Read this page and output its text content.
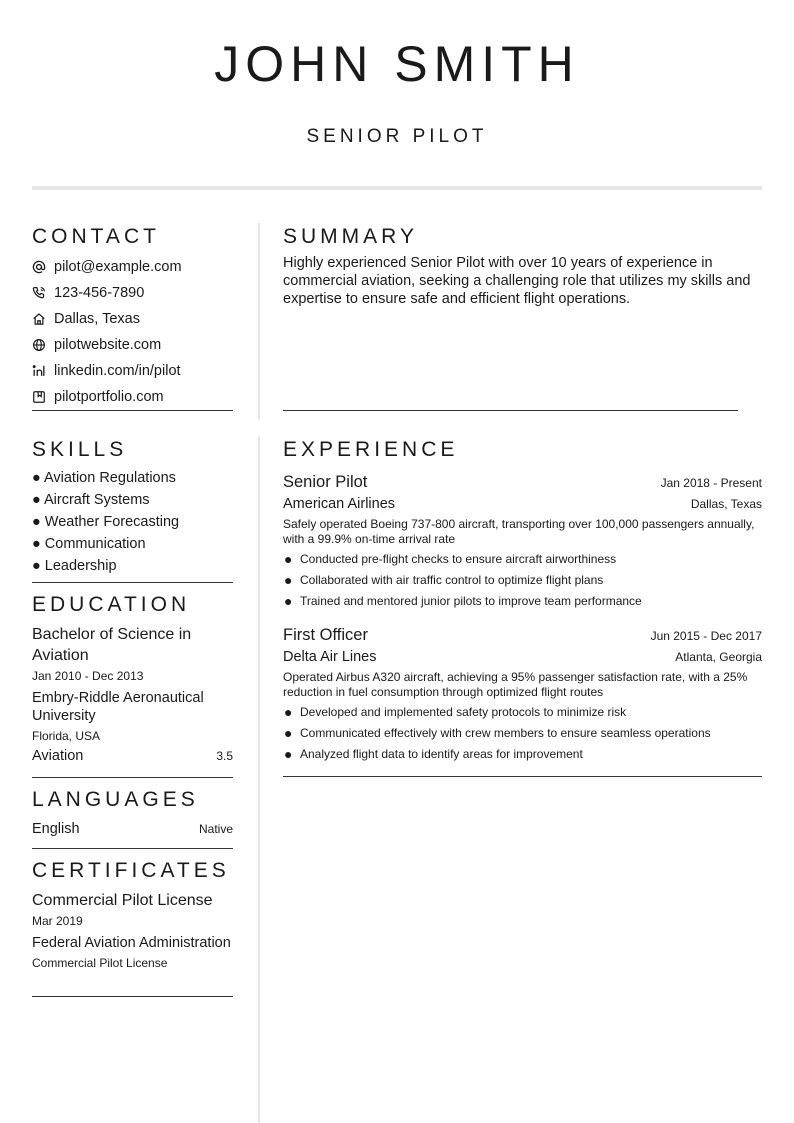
JOHN SMITH
SENIOR PILOT
CONTACT
pilot@example.com
123-456-7890
Dallas, Texas
pilotwebsite.com
linkedin.com/in/pilot
pilotportfolio.com
SUMMARY
Highly experienced Senior Pilot with over 10 years of experience in commercial aviation, seeking a challenging role that utilizes my skills and expertise to ensure safe and efficient flight operations.
SKILLS
● Aviation Regulations
● Aircraft Systems
● Weather Forecasting
● Communication
● Leadership
EDUCATION
Bachelor of Science in Aviation
Jan 2010 - Dec 2013
Embry-Riddle Aeronautical University
Florida, USA
Aviation	3.5
LANGUAGES
English	Native
CERTIFICATES
Commercial Pilot License
Mar 2019
Federal Aviation Administration
Commercial Pilot License
EXPERIENCE
Senior Pilot	Jan 2018 - Present
American Airlines	Dallas, Texas
Safely operated Boeing 737-800 aircraft, transporting over 100,000 passengers annually, with a 99.9% on-time arrival rate
● Conducted pre-flight checks to ensure aircraft airworthiness
● Collaborated with air traffic control to optimize flight plans
● Trained and mentored junior pilots to improve team performance
First Officer	Jun 2015 - Dec 2017
Delta Air Lines	Atlanta, Georgia
Operated Airbus A320 aircraft, achieving a 95% passenger satisfaction rate, with a 25% reduction in fuel consumption through optimized flight routes
● Developed and implemented safety protocols to minimize risk
● Communicated effectively with crew members to ensure seamless operations
● Analyzed flight data to identify areas for improvement
